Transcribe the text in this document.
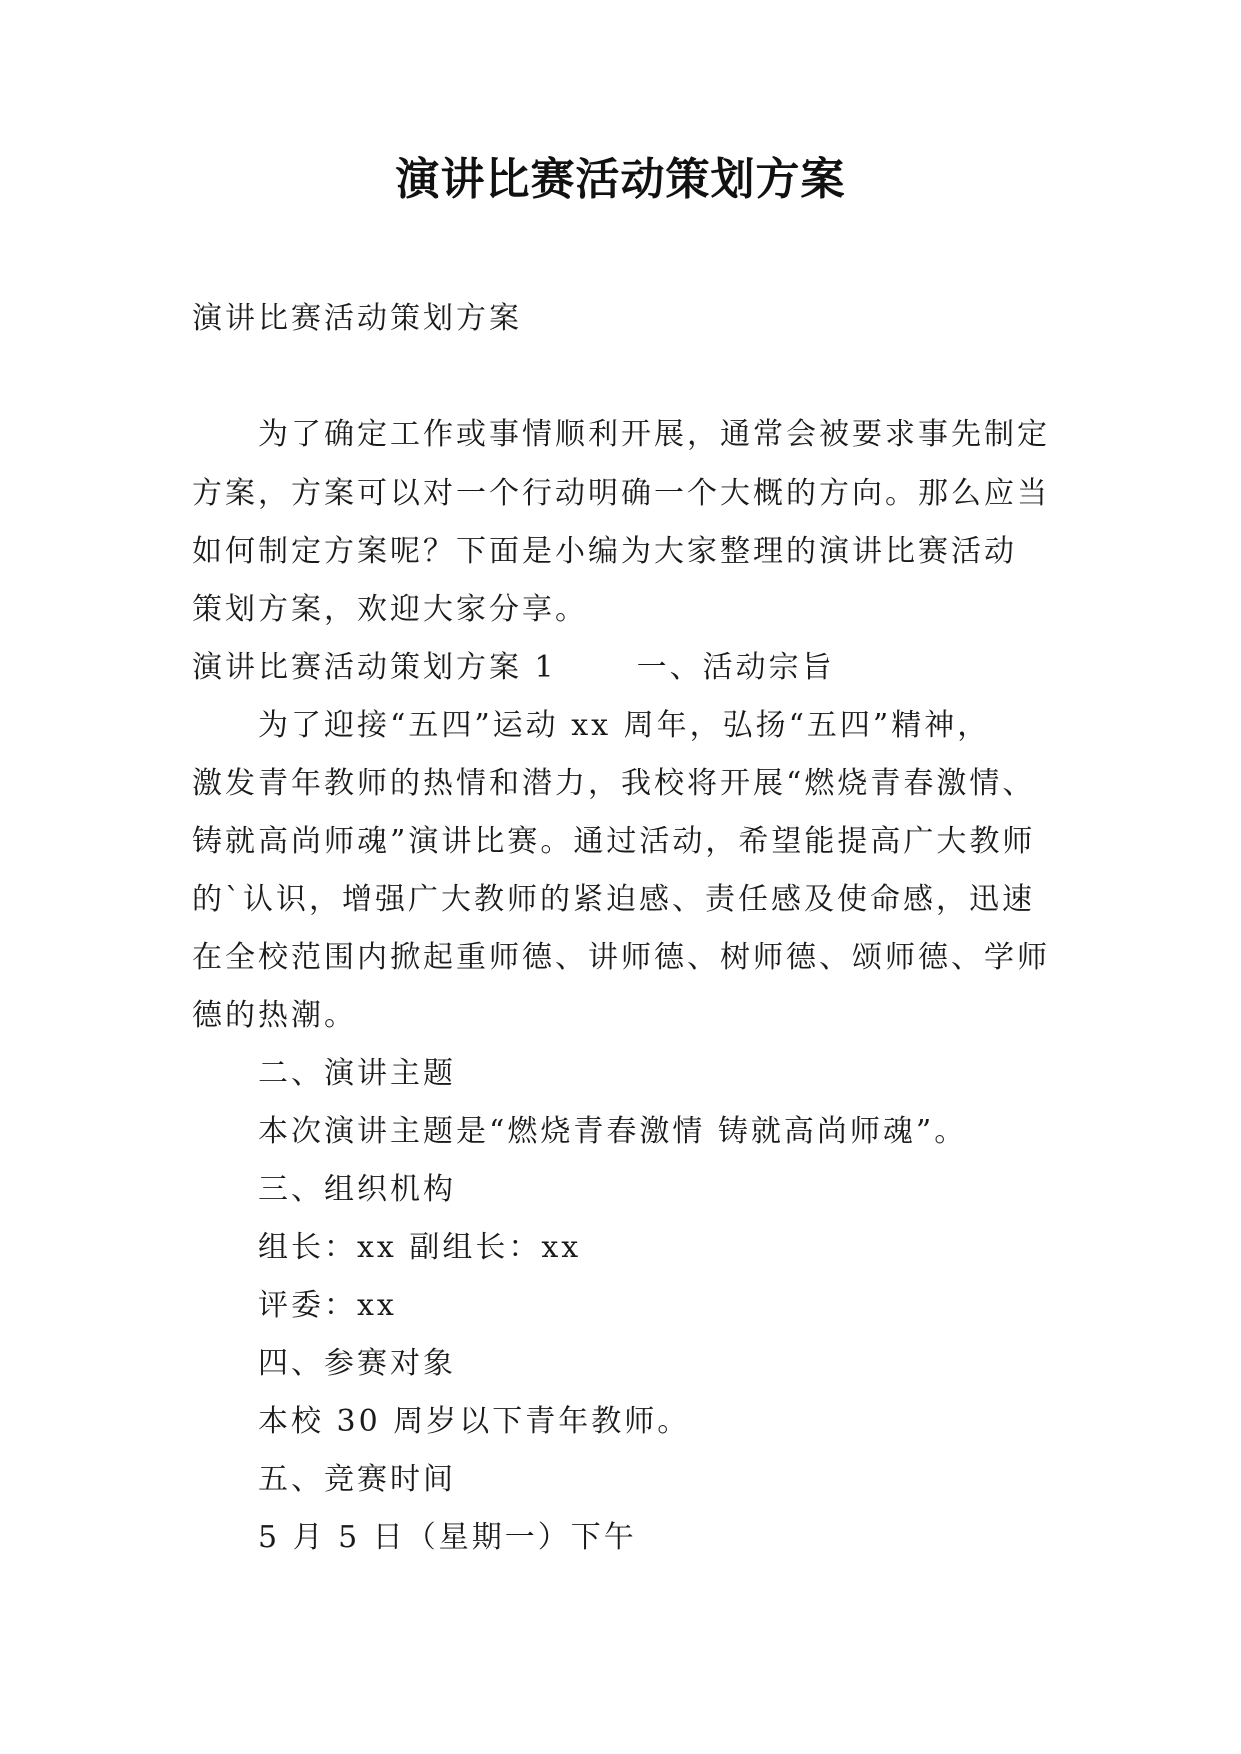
演讲比赛活动策划方案
演讲比赛活动策划方案
为了确定工作或事情顺利开展，通常会被要求事先制定
方案，方案可以对一个行动明确一个大概的方向。那么应当
如何制定方案呢？下面是小编为大家整理的演讲比赛活动
策划方案，欢迎大家分享。
演讲比赛活动策划方案 1	一、活动宗旨
为了迎接“五四”运动 xx 周年，弘扬“五四”精神，
激发青年教师的热情和潜力，我校将开展“燃烧青春激情、
铸就高尚师魂”演讲比赛。通过活动，希望能提高广大教师
的`认识，增强广大教师的紧迫感、责任感及使命感，迅速
在全校范围内掀起重师德、讲师德、树师德、颂师德、学师
德的热潮。
二、演讲主题
本次演讲主题是“燃烧青春激情 铸就高尚师魂”。
三、组织机构
组长：xx 副组长：xx
评委：xx
四、参赛对象
本校 30 周岁以下青年教师。
五、竞赛时间
5 月 5 日（星期一）下午
